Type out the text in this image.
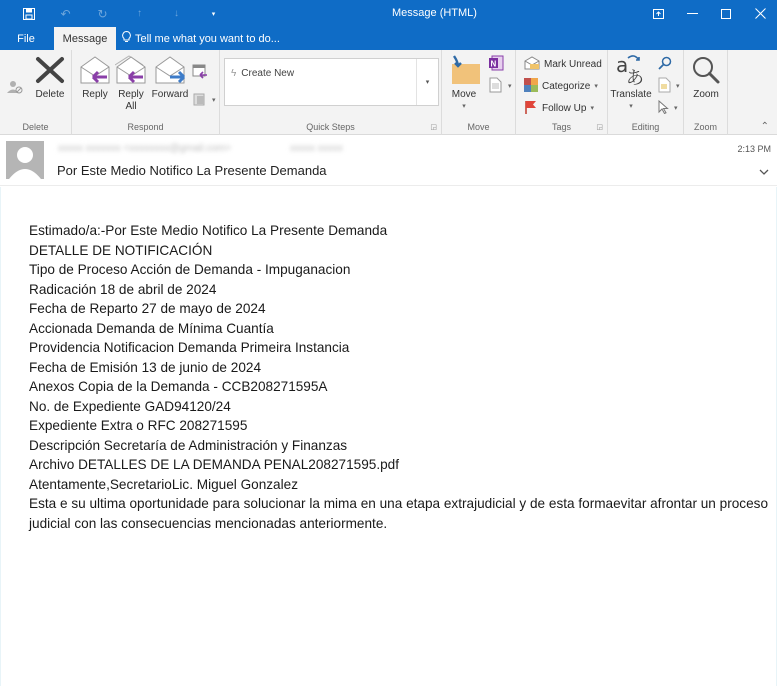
↶	↻	↑	↓	▾	Message (HTML)
File	Message	Tell me what you want to do...
Delete
Delete
Reply Reply
All
Forward
▾
Respond
ϟ Create New
▾
Quick Steps	◲
Move
▾
N
▾
Move
Mark Unread
Categorize ▾
Follow Up ▾
Tags	◲
a
あ
Translate
▾
▾
▾
Editing
Zoom
Zoom	⌃
xxxxx xxxxxxx <xxxxxxxx@gmail.com>	xxxxx xxxxx
Por Este Medio Notifico La Presente Demanda
2:13 PM
Estimado/a:-Por Este Medio Notifico La Presente Demanda
DETALLE DE NOTIFICACIÓN
Tipo de Proceso Acción de Demanda - Impuganacion
Radicación 18 de abril de 2024
Fecha de Reparto 27 de mayo de 2024
Accionada Demanda de Mínima Cuantía
Providencia Notificacion Demanda Primeira Instancia
Fecha de Emisión 13 de junio de 2024
Anexos Copia de la Demanda - CCB208271595A
No. de Expediente GAD94120/24
Expediente Extra o RFC 208271595
Descripción Secretaría de Administración y Finanzas
Archivo DETALLES DE LA DEMANDA PENAL208271595.pdf
Atentamente,SecretarioLic. Miguel Gonzalez
Esta e su ultima oportunidade para solucionar la mima en una etapa extrajudicial y de esta formaevitar afrontar un proceso judicial con las consecuencias mencionadas anteriormente.
